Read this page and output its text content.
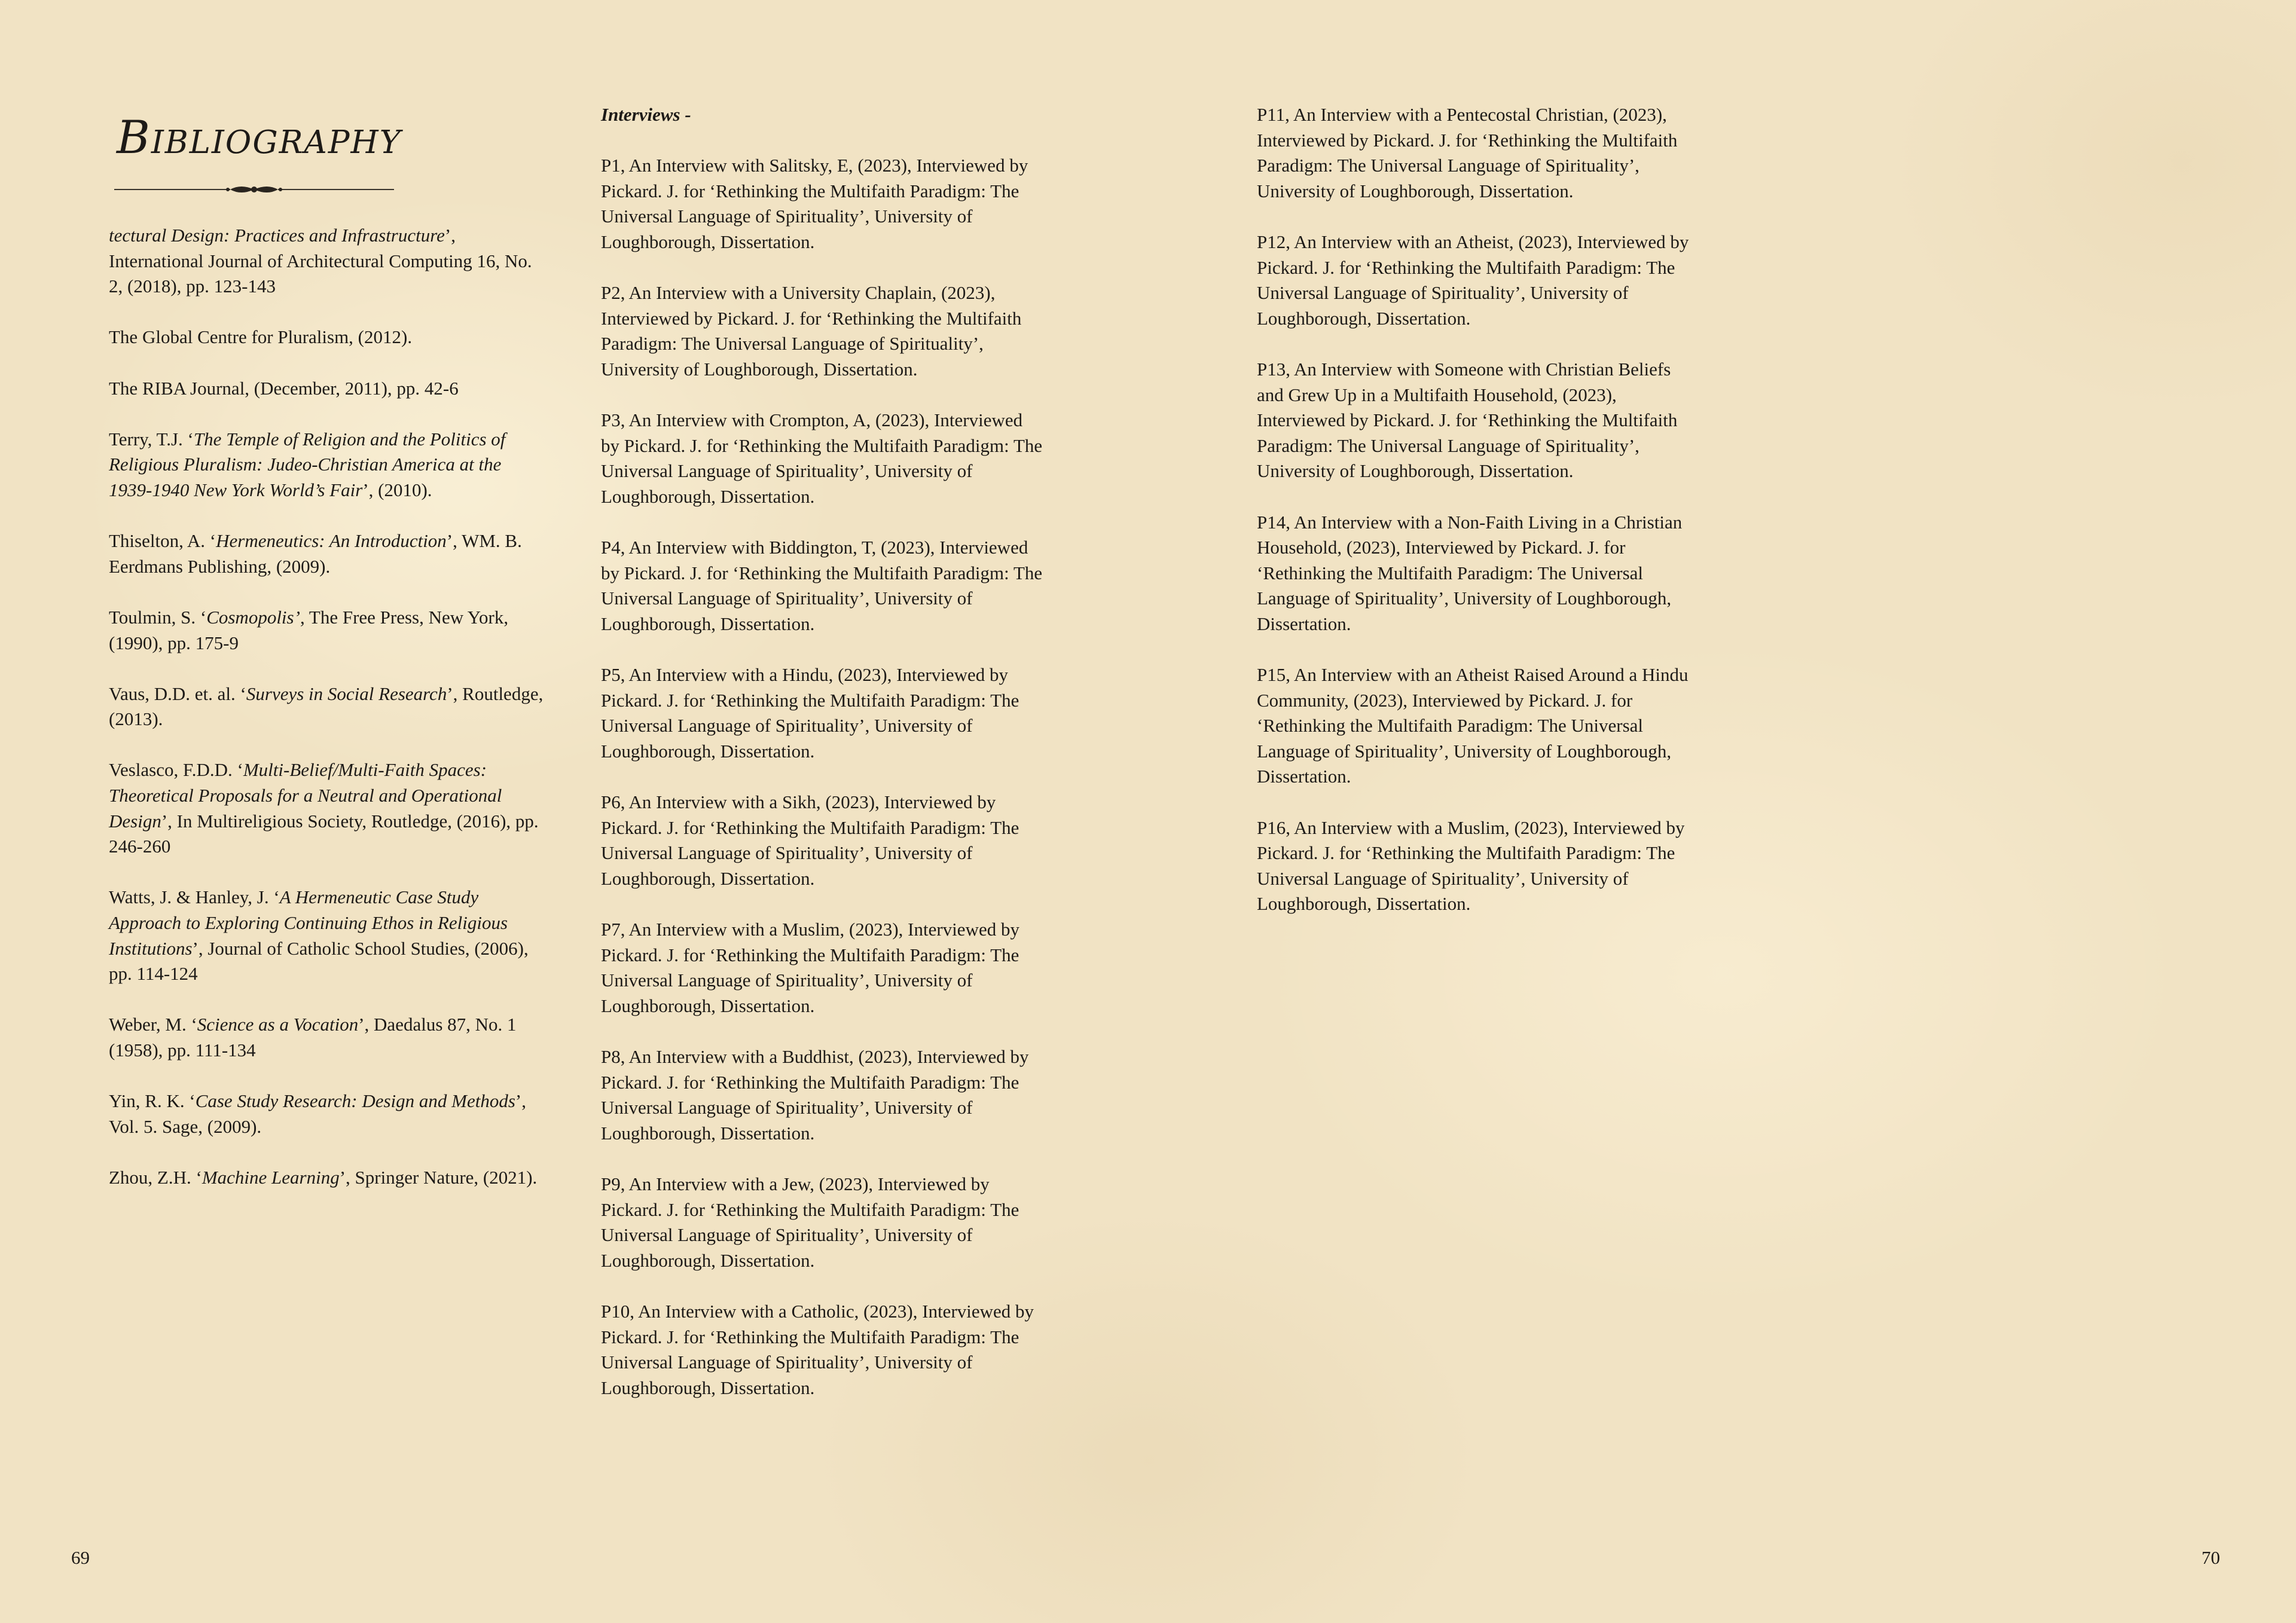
Bibliography

tectural Design: Practices and Infrastructure’, International Journal of Architectural Computing 16, No. 2, (2018), pp. 123-143

The Global Centre for Pluralism, (2012).

The RIBA Journal, (December, 2011), pp. 42-6

Terry, T.J. ‘The Temple of Religion and the Politics of Religious Pluralism: Judeo-Christian America at the 1939-1940 New York World’s Fair’, (2010).

Thiselton, A. ‘Hermeneutics: An Introduction’, WM. B. Eerdmans Publishing, (2009).

Toulmin, S. ‘Cosmopolis’, The Free Press, New York, (1990), pp. 175-9

Vaus, D.D. et. al. ‘Surveys in Social Research’, Routledge, (2013).

Veslasco, F.D.D. ‘Multi-Belief/Multi-Faith Spaces: Theoretical Proposals for a Neutral and Operational Design’, In Multireligious Society, Routledge, (2016), pp. 246-260

Watts, J. & Hanley, J. ‘A Hermeneutic Case Study Approach to Exploring Continuing Ethos in Religious Institutions’, Journal of Catholic School Studies, (2006), pp. 114-124

Weber, M. ‘Science as a Vocation’, Daedalus 87, No. 1 (1958), pp. 111-134

Yin, R. K. ‘Case Study Research: Design and Methods’, Vol. 5. Sage, (2009).

Zhou, Z.H. ‘Machine Learning’, Springer Nature, (2021).

Interviews -

P1, An Interview with Salitsky, E, (2023), Interviewed by Pickard. J. for ‘Rethinking the Multifaith Paradigm: The Universal Language of Spirituality’, University of Loughborough, Dissertation.

P2, An Interview with a University Chaplain, (2023), Interviewed by Pickard. J. for ‘Rethinking the Multifaith Paradigm: The Universal Language of Spirituality’, University of Loughborough, Dissertation.

P3, An Interview with Crompton, A, (2023), Interviewed by Pickard. J. for ‘Rethinking the Multifaith Paradigm: The Universal Language of Spirituality’, University of Loughborough, Dissertation.

P4, An Interview with Biddington, T, (2023), Interviewed by Pickard. J. for ‘Rethinking the Multifaith Paradigm: The Universal Language of Spirituality’, University of Loughborough, Dissertation.

P5, An Interview with a Hindu, (2023), Interviewed by Pickard. J. for ‘Rethinking the Multifaith Paradigm: The Universal Language of Spirituality’, University of Loughborough, Dissertation.

P6, An Interview with a Sikh, (2023), Interviewed by Pickard. J. for ‘Rethinking the Multifaith Paradigm: The Universal Language of Spirituality’, University of Loughborough, Dissertation.

P7, An Interview with a Muslim, (2023), Interviewed by Pickard. J. for ‘Rethinking the Multifaith Paradigm: The Universal Language of Spirituality’, University of Loughborough, Dissertation.

P8, An Interview with a Buddhist, (2023), Interviewed by Pickard. J. for ‘Rethinking the Multifaith Paradigm: The Universal Language of Spirituality’, University of Loughborough, Dissertation.

P9, An Interview with a Jew, (2023), Interviewed by Pickard. J. for ‘Rethinking the Multifaith Paradigm: The Universal Language of Spirituality’, University of Loughborough, Dissertation.

P10, An Interview with a Catholic, (2023), Interviewed by Pickard. J. for ‘Rethinking the Multifaith Paradigm: The Universal Language of Spirituality’, University of Loughborough, Dissertation.

P11, An Interview with a Pentecostal Christian, (2023), Interviewed by Pickard. J. for ‘Rethinking the Multifaith Paradigm: The Universal Language of Spirituality’, University of Loughborough, Dissertation.

P12, An Interview with an Atheist, (2023), Interviewed by Pickard. J. for ‘Rethinking the Multifaith Paradigm: The Universal Language of Spirituality’, University of Loughborough, Dissertation.

P13, An Interview with Someone with Christian Beliefs and Grew Up in a Multifaith Household, (2023), Interviewed by Pickard. J. for ‘Rethinking the Multifaith Paradigm: The Universal Language of Spirituality’, University of Loughborough, Dissertation.

P14, An Interview with a Non-Faith Living in a Christian Household, (2023), Interviewed by Pickard. J. for ‘Rethinking the Multifaith Paradigm: The Universal Language of Spirituality’, University of Loughborough, Dissertation.

P15, An Interview with an Atheist Raised Around a Hindu Community, (2023), Interviewed by Pickard. J. for ‘Rethinking the Multifaith Paradigm: The Universal Language of Spirituality’, University of Loughborough, Dissertation.

P16, An Interview with a Muslim, (2023), Interviewed by Pickard. J. for ‘Rethinking the Multifaith Paradigm: The Universal Language of Spirituality’, University of Loughborough, Dissertation.

69	70
